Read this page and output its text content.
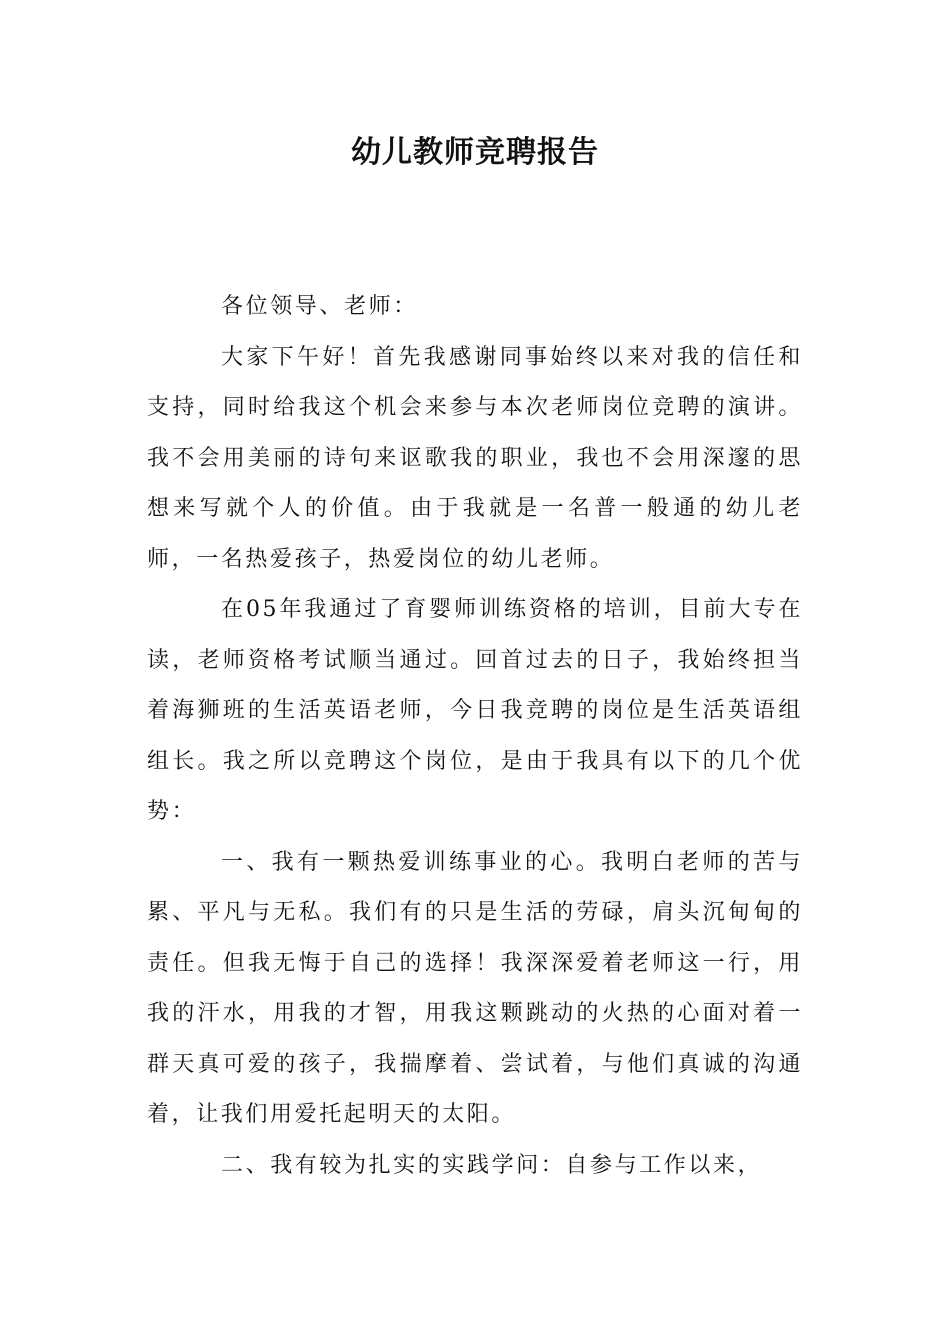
幼儿教师竞聘报告

各位领导、老师：

大家下午好！首先我感谢同事始终以来对我的信任和支持，同时给我这个机会来参与本次老师岗位竞聘的演讲。我不会用美丽的诗句来讴歌我的职业，我也不会用深邃的思想来写就个人的价值。由于我就是一名普一般通的幼儿老师，一名热爱孩子，热爱岗位的幼儿老师。

在05年我通过了育婴师训练资格的培训，目前大专在读，老师资格考试顺当通过。回首过去的日子，我始终担当着海狮班的生活英语老师，今日我竞聘的岗位是生活英语组组长。我之所以竞聘这个岗位，是由于我具有以下的几个优势：

一、我有一颗热爱训练事业的心。我明白老师的苦与累、平凡与无私。我们有的只是生活的劳碌，肩头沉甸甸的责任。但我无悔于自己的选择！我深深爱着老师这一行，用我的汗水，用我的才智，用我这颗跳动的火热的心面对着一群天真可爱的孩子，我揣摩着、尝试着，与他们真诚的沟通着，让我们用爱托起明天的太阳。

二、我有较为扎实的实践学问：自参与工作以来，
